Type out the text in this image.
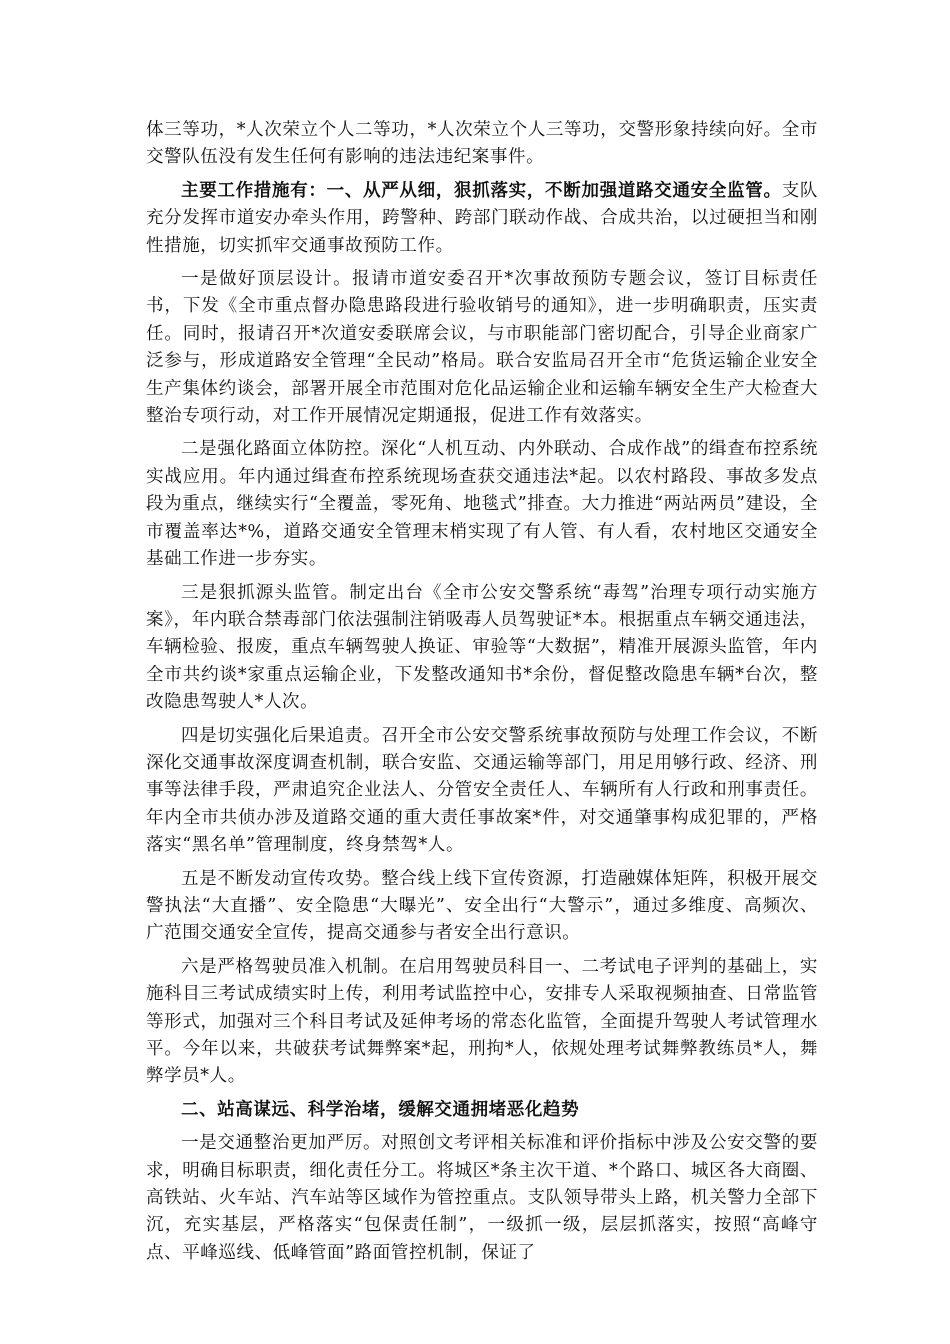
体三等功，*人次荣立个人二等功，*人次荣立个人三等功，交警形象持续向好。全市交警队伍没有发生任何有影响的违法违纪案事件。

主要工作措施有：一、从严从细，狠抓落实，不断加强道路交通安全监管。支队充分发挥市道安办牵头作用，跨警种、跨部门联动作战、合成共治，以过硬担当和刚性措施，切实抓牢交通事故预防工作。

一是做好顶层设计。报请市道安委召开*次事故预防专题会议，签订目标责任书，下发《全市重点督办隐患路段进行验收销号的通知》，进一步明确职责，压实责任。同时，报请召开*次道安委联席会议，与市职能部门密切配合，引导企业商家广泛参与，形成道路安全管理“全民动”格局。联合安监局召开全市“危货运输企业安全生产集体约谈会，部署开展全市范围对危化品运输企业和运输车辆安全生产大检查大整治专项行动，对工作开展情况定期通报，促进工作有效落实。

二是强化路面立体防控。深化“人机互动、内外联动、合成作战”的缉查布控系统实战应用。年内通过缉查布控系统现场查获交通违法*起。以农村路段、事故多发点段为重点，继续实行“全覆盖，零死角、地毯式”排查。大力推进“两站两员”建设，全市覆盖率达*%，道路交通安全管理末梢实现了有人管、有人看，农村地区交通安全基础工作进一步夯实。

三是狠抓源头监管。制定出台《全市公安交警系统“毒驾”治理专项行动实施方案》，年内联合禁毒部门依法强制注销吸毒人员驾驶证*本。根据重点车辆交通违法，车辆检验、报废，重点车辆驾驶人换证、审验等“大数据”，精准开展源头监管，年内全市共约谈*家重点运输企业，下发整改通知书*余份，督促整改隐患车辆*台次，整改隐患驾驶人*人次。

四是切实强化后果追责。召开全市公安交警系统事故预防与处理工作会议，不断深化交通事故深度调查机制，联合安监、交通运输等部门，用足用够行政、经济、刑事等法律手段，严肃追究企业法人、分管安全责任人、车辆所有人行政和刑事责任。年内全市共侦办涉及道路交通的重大责任事故案*件，对交通肇事构成犯罪的，严格落实“黑名单”管理制度，终身禁驾*人。

五是不断发动宣传攻势。整合线上线下宣传资源，打造融媒体矩阵，积极开展交警执法“大直播”、安全隐患“大曝光”、安全出行“大警示”，通过多维度、高频次、广范围交通安全宣传，提高交通参与者安全出行意识。

六是严格驾驶员准入机制。在启用驾驶员科目一、二考试电子评判的基础上，实施科目三考试成绩实时上传，利用考试监控中心，安排专人采取视频抽查、日常监管等形式，加强对三个科目考试及延伸考场的常态化监管，全面提升驾驶人考试管理水平。今年以来，共破获考试舞弊案*起，刑拘*人，依规处理考试舞弊教练员*人，舞弊学员*人。

二、站高谋远、科学治堵，缓解交通拥堵恶化趋势

一是交通整治更加严厉。对照创文考评相关标准和评价指标中涉及公安交警的要求，明确目标职责，细化责任分工。将城区*条主次干道、*个路口、城区各大商圈、高铁站、火车站、汽车站等区域作为管控重点。支队领导带头上路，机关警力全部下沉，充实基层，严格落实“包保责任制”，一级抓一级，层层抓落实，按照“高峰守点、平峰巡线、低峰管面”路面管控机制，保证了
